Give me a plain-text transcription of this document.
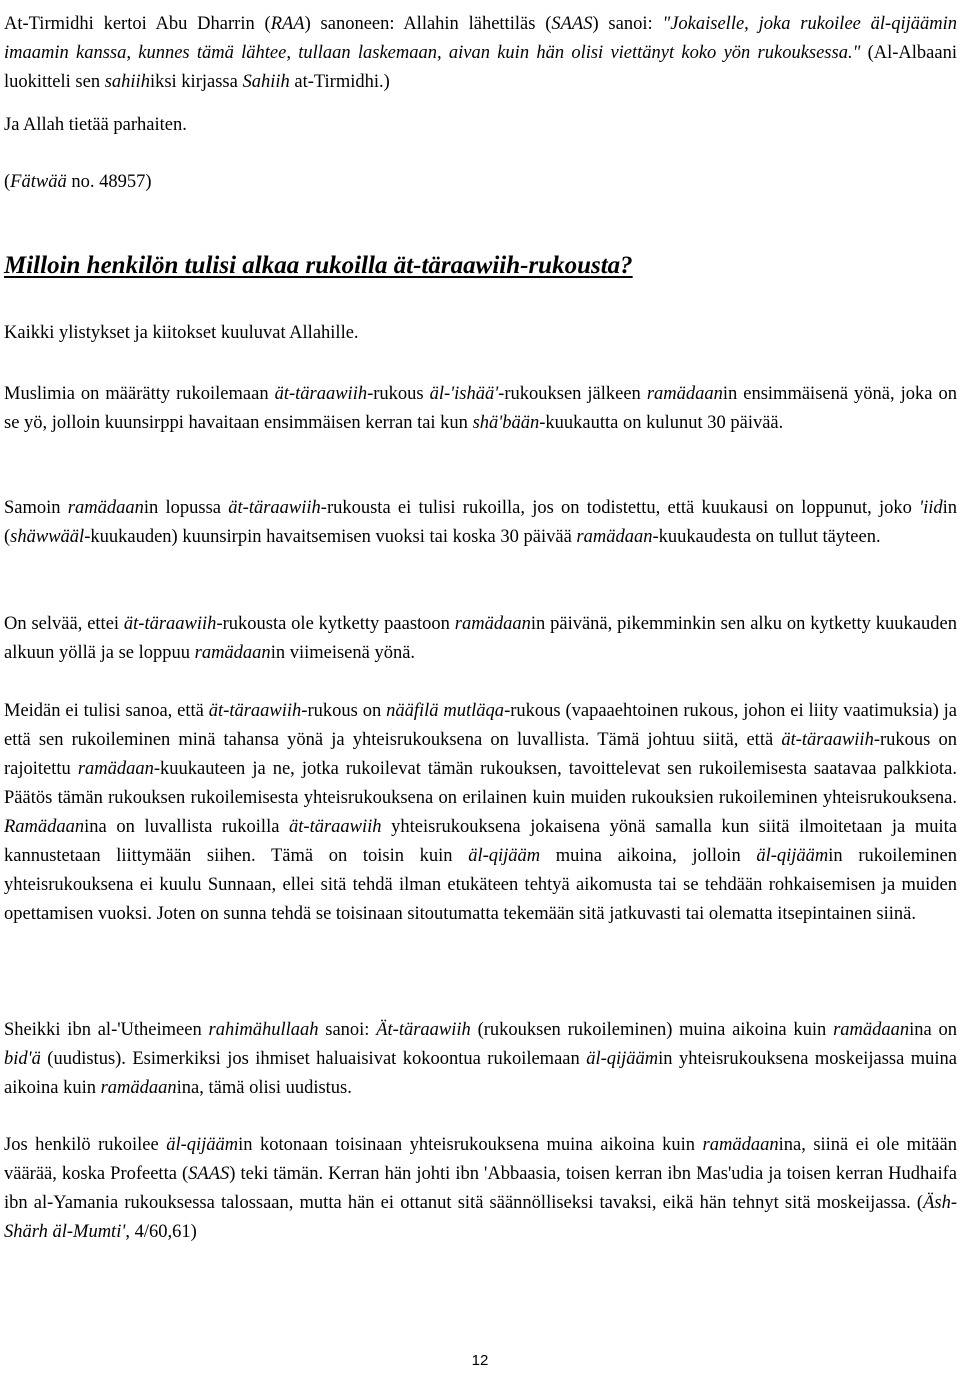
At-Tirmidhi kertoi Abu Dharrin (RAA) sanoneen: Allahin lähettiläs (SAAS) sanoi: "Jokaiselle, joka rukoilee äl-qijäämin imaamin kanssa, kunnes tämä lähtee, tullaan laskemaan, aivan kuin hän olisi viettänyt koko yön rukouksessa." (Al-Albaani luokitteli sen sahiihiksi kirjassa Sahiih at-Tirmidhi.)

Ja Allah tietää parhaiten.

(Fätwää no. 48957)

Milloin henkilön tulisi alkaa rukoilla ät-täraawiih-rukousta?

Kaikki ylistykset ja kiitokset kuuluvat Allahille.

Muslimia on määrätty rukoilemaan ät-täraawiih-rukous äl-'ishää'-rukouksen jälkeen ramädaanin ensimmäisenä yönä, joka on se yö, jolloin kuunsirppi havaitaan ensimmäisen kerran tai kun shä'bään-kuukautta on kulunut 30 päivää.

Samoin ramädaanin lopussa ät-täraawiih-rukousta ei tulisi rukoilla, jos on todistettu, että kuukausi on loppunut, joko 'iidin (shäwwääl-kuukauden) kuunsirpin havaitsemisen vuoksi tai koska 30 päivää ramädaan-kuukaudesta on tullut täyteen.

On selvää, ettei ät-täraawiih-rukousta ole kytketty paastoon ramädaanin päivänä, pikemminkin sen alku on kytketty kuukauden alkuun yöllä ja se loppuu ramädaanin viimeisenä yönä.

Meidän ei tulisi sanoa, että ät-täraawiih-rukous on nääfilä mutläqa-rukous (vapaaehtoinen rukous, johon ei liity vaatimuksia) ja että sen rukoileminen minä tahansa yönä ja yhteisrukouksena on luvallista. Tämä johtuu siitä, että ät-täraawiih-rukous on rajoitettu ramädaan-kuukauteen ja ne, jotka rukoilevat tämän rukouksen, tavoittelevat sen rukoilemisesta saatavaa palkkiota. Päätös tämän rukouksen rukoilemisesta yhteisrukouksena on erilainen kuin muiden rukouksien rukoileminen yhteisrukouksena. Ramädaanina on luvallista rukoilla ät-täraawiih yhteisrukouksena jokaisena yönä samalla kun siitä ilmoitetaan ja muita kannustetaan liittymään siihen. Tämä on toisin kuin äl-qijääm muina aikoina, jolloin äl-qijäämin rukoileminen yhteisrukouksena ei kuulu Sunnaan, ellei sitä tehdä ilman etukäteen tehtyä aikomusta tai se tehdään rohkaisemisen ja muiden opettamisen vuoksi. Joten on sunna tehdä se toisinaan sitoutumatta tekemään sitä jatkuvasti tai olematta itsepintainen siinä.

Sheikki ibn al-'Utheimeen rahimähullaah sanoi: Ät-täraawiih (rukouksen rukoileminen) muina aikoina kuin ramädaanina on bid'ä (uudistus). Esimerkiksi jos ihmiset haluaisivat kokoontua rukoilemaan äl-qijäämin yhteisrukouksena moskeijassa muina aikoina kuin ramädaanina, tämä olisi uudistus.

Jos henkilö rukoilee äl-qijäämin kotonaan toisinaan yhteisrukouksena muina aikoina kuin ramädaanina, siinä ei ole mitään väärää, koska Profeetta (SAAS) teki tämän. Kerran hän johti ibn 'Abbaasia, toisen kerran ibn Mas'udia ja toisen kerran Hudhaifa ibn al-Yamania rukouksessa talossaan, mutta hän ei ottanut sitä säännölliseksi tavaksi, eikä hän tehnyt sitä moskeijassa. (Äsh-Shärh äl-Mumti', 4/60,61)

12
